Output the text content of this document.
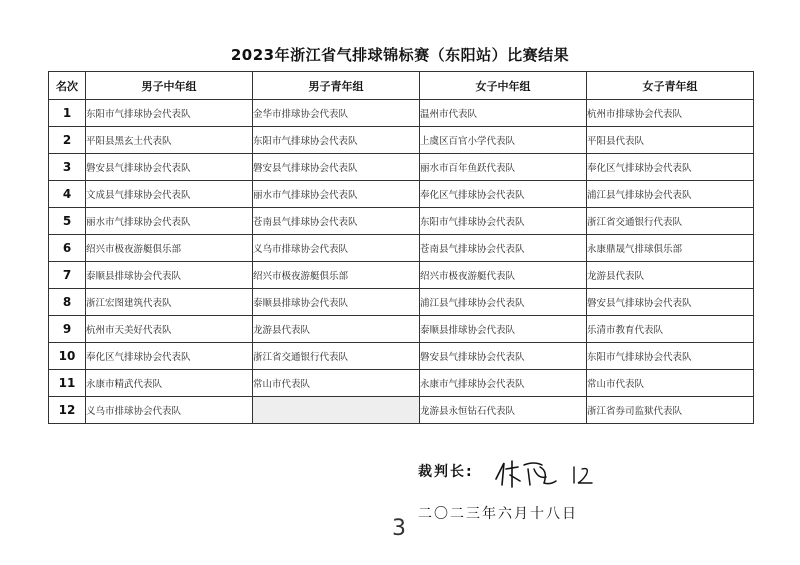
2023年浙江省气排球锦标赛（东阳站）比赛结果
名次	男子中年组	男子青年组	女子中年组	女子青年组
1	东阳市气排球协会代表队	金华市排球协会代表队	温州市代表队	杭州市排球协会代表队
2	平阳县黑玄土代表队	东阳市气排球协会代表队	上虞区百官小学代表队	平阳县代表队
3	磐安县气排球协会代表队	磐安县气排球协会代表队	丽水市百年鱼跃代表队	奉化区气排球协会代表队
4	文成县气排球协会代表队	丽水市气排球协会代表队	奉化区气排球协会代表队	浦江县气排球协会代表队
5	丽水市气排球协会代表队	苍南县气排球协会代表队	东阳市气排球协会代表队	浙江省交通银行代表队
6	绍兴市极夜游艇俱乐部	义乌市排球协会代表队	苍南县气排球协会代表队	永康鼎晟气排球俱乐部
7	泰顺县排球协会代表队	绍兴市极夜游艇俱乐部	绍兴市极夜游艇代表队	龙游县代表队
8	浙江宏图建筑代表队	泰顺县排球协会代表队	浦江县气排球协会代表队	磐安县气排球协会代表队
9	杭州市天美好代表队	龙游县代表队	泰顺县排球协会代表队	乐清市教育代表队
10	奉化区气排球协会代表队	浙江省交通银行代表队	磐安县气排球协会代表队	东阳市气排球协会代表队
11	永康市精武代表队	常山市代表队	永康市气排球协会代表队	常山市代表队
12	义乌市排球协会代表队		龙游县永恒钻石代表队	浙江省券司监狱代表队
裁判长:
二〇二三年六月十八日
3
